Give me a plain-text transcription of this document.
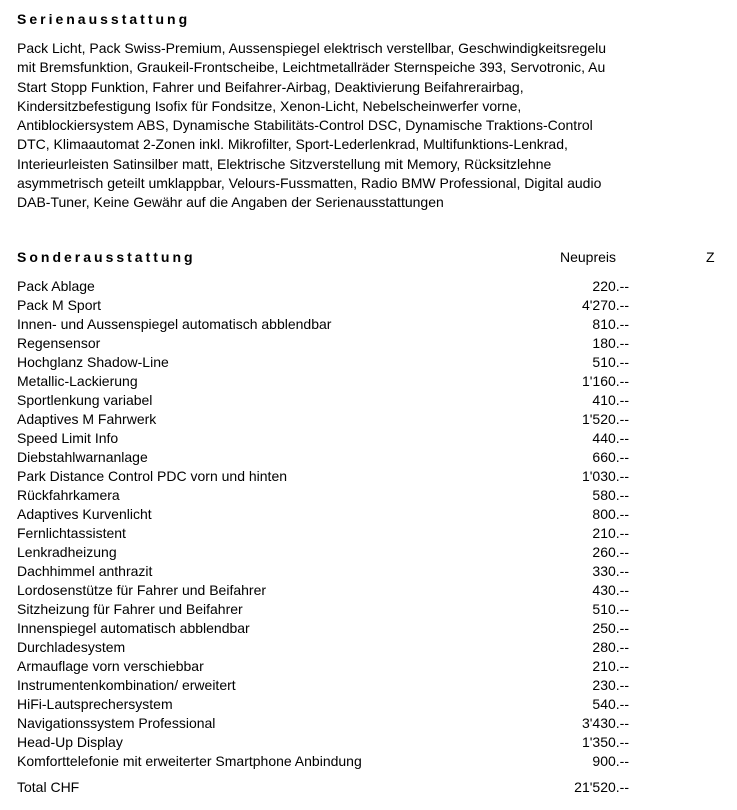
Serienausstattung
Pack Licht, Pack Swiss-Premium, Aussenspiegel elektrisch verstellbar, Geschwindigkeitsregelu
mit Bremsfunktion, Graukeil-Frontscheibe, Leichtmetallräder Sternspeiche 393, Servotronic, Au
Start Stopp Funktion, Fahrer und Beifahrer-Airbag, Deaktivierung Beifahrerairbag,
Kindersitzbefestigung Isofix für Fondsitze, Xenon-Licht, Nebelscheinwerfer vorne,
Antiblockiersystem ABS, Dynamische Stabilitäts-Control DSC, Dynamische Traktions-Control
DTC, Klimaautomat 2-Zonen inkl. Mikrofilter, Sport-Lederlenkrad, Multifunktions-Lenkrad,
Interieurleisten Satinsilber matt, Elektrische Sitzverstellung mit Memory, Rücksitzlehne
asymmetrisch geteilt umklappbar, Velours-Fussmatten, Radio BMW Professional, Digital audio
DAB-Tuner, Keine Gewähr auf die Angaben der Serienausstattungen
Sonderausstattung	Neupreis	Z
Pack Ablage	220.--
Pack M Sport	4'270.--
Innen- und Aussenspiegel automatisch abblendbar	810.--
Regensensor	180.--
Hochglanz Shadow-Line	510.--
Metallic-Lackierung	1'160.--
Sportlenkung variabel	410.--
Adaptives M Fahrwerk	1'520.--
Speed Limit Info	440.--
Diebstahlwarnanlage	660.--
Park Distance Control PDC vorn und hinten	1'030.--
Rückfahrkamera	580.--
Adaptives Kurvenlicht	800.--
Fernlichtassistent	210.--
Lenkradheizung	260.--
Dachhimmel anthrazit	330.--
Lordosenstütze für Fahrer und Beifahrer	430.--
Sitzheizung für Fahrer und Beifahrer	510.--
Innenspiegel automatisch abblendbar	250.--
Durchladesystem	280.--
Armauflage vorn verschiebbar	210.--
Instrumentenkombination/ erweitert	230.--
HiFi-Lautsprechersystem	540.--
Navigationssystem Professional	3'430.--
Head-Up Display	1'350.--
Komforttelefonie mit erweiterter Smartphone Anbindung	900.--
Total CHF	21'520.--
